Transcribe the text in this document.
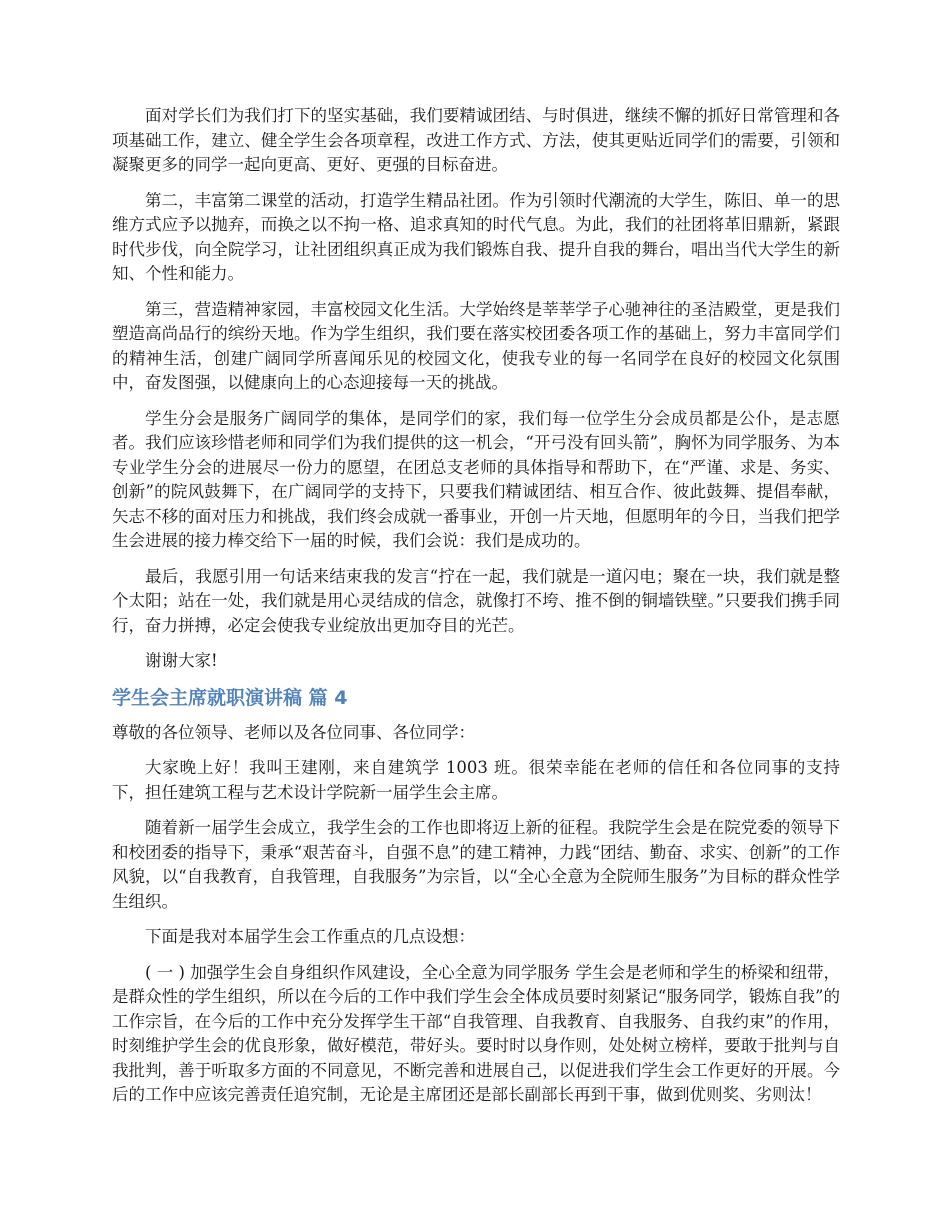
面对学长们为我们打下的坚实基础，我们要精诚团结、与时俱进，继续不懈的抓好日常管理和各项基础工作，建立、健全学生会各项章程，改进工作方式、方法，使其更贴近同学们的需要，引领和凝聚更多的同学一起向更高、更好、更强的目标奋进。

第二，丰富第二课堂的活动，打造学生精品社团。作为引领时代潮流的大学生，陈旧、单一的思维方式应予以抛弃，而换之以不拘一格、追求真知的时代气息。为此，我们的社团将革旧鼎新，紧跟时代步伐，向全院学习，让社团组织真正成为我们锻炼自我、提升自我的舞台，唱出当代大学生的新知、个性和能力。

第三，营造精神家园，丰富校园文化生活。大学始终是莘莘学子心驰神往的圣洁殿堂，更是我们塑造高尚品行的缤纷天地。作为学生组织，我们要在落实校团委各项工作的基础上，努力丰富同学们的精神生活，创建广阔同学所喜闻乐见的校园文化，使我专业的每一名同学在良好的校园文化氛围中，奋发图强，以健康向上的心态迎接每一天的挑战。

学生分会是服务广阔同学的集体，是同学们的家，我们每一位学生分会成员都是公仆，是志愿者。我们应该珍惜老师和同学们为我们提供的这一机会，“开弓没有回头箭”，胸怀为同学服务、为本专业学生分会的进展尽一份力的愿望，在团总支老师的具体指导和帮助下，在“严谨、求是、务实、创新”的院风鼓舞下，在广阔同学的支持下，只要我们精诚团结、相互合作、彼此鼓舞、提倡奉献，矢志不移的面对压力和挑战，我们终会成就一番事业，开创一片天地，但愿明年的今日，当我们把学生会进展的接力棒交给下一届的时候，我们会说：我们是成功的。

最后，我愿引用一句话来结束我的发言“拧在一起，我们就是一道闪电；聚在一块，我们就是整个太阳；站在一处，我们就是用心灵结成的信念，就像打不垮、推不倒的铜墙铁壁。”只要我们携手同行，奋力拼搏，必定会使我专业绽放出更加夺目的光芒。

谢谢大家!

学生会主席就职演讲稿 篇 4

尊敬的各位领导、老师以及各位同事、各位同学：

大家晚上好！我叫王建刚，来自建筑学 1003 班。很荣幸能在老师的信任和各位同事的支持下，担任建筑工程与艺术设计学院新一届学生会主席。

随着新一届学生会成立，我学生会的工作也即将迈上新的征程。我院学生会是在院党委的领导下和校团委的指导下，秉承“艰苦奋斗，自强不息”的建工精神，力践“团结、勤奋、求实、创新”的工作风貌，以“自我教育，自我管理，自我服务”为宗旨，以“全心全意为全院师生服务”为目标的群众性学生组织。

下面是我对本届学生会工作重点的几点设想：

( 一 ) 加强学生会自身组织作风建设，全心全意为同学服务 学生会是老师和学生的桥梁和纽带，是群众性的学生组织，所以在今后的工作中我们学生会全体成员要时刻紧记“服务同学，锻炼自我”的工作宗旨，在今后的工作中充分发挥学生干部“自我管理、自我教育、自我服务、自我约束”的作用，时刻维护学生会的优良形象，做好模范，带好头。要时时以身作则，处处树立榜样，要敢于批判与自我批判，善于听取多方面的不同意见，不断完善和进展自己，以促进我们学生会工作更好的开展。今后的工作中应该完善责任追究制，无论是主席团还是部长副部长再到干事，做到优则奖、劣则汰！
